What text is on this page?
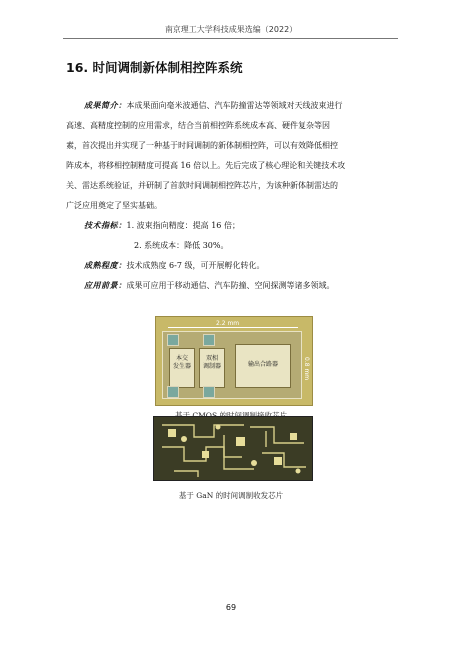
南京理工大学科技成果选编（2022）
16. 时间调制新体制相控阵系统
成果简介：本成果面向毫米波通信、汽车防撞雷达等领域对天线波束进行
高速、高精度控制的应用需求，结合当前相控阵系统成本高、硬件复杂等因
素，首次提出并实现了一种基于时间调制的新体制相控阵，可以有效降低相控
阵成本，将移相控制精度可提高 16 倍以上。先后完成了核心理论和关键技术攻
关、雷达系统验证，并研制了首款时间调制相控阵芯片，为该种新体制雷达的
广泛应用奠定了坚实基础。
技术指标：1. 波束指向精度：提高 16 倍；
2. 系统成本：降低 30%。
成熟程度：技术成熟度 6-7 级，可开展孵化转化。
应用前景：成果可应用于移动通信、汽车防撞、空间探测等诸多领域。
2.2 mm
本交
发生器
双相
调制器	输出合路器	0.8 mm
基于 GaN 的时间调制收发芯片
69
